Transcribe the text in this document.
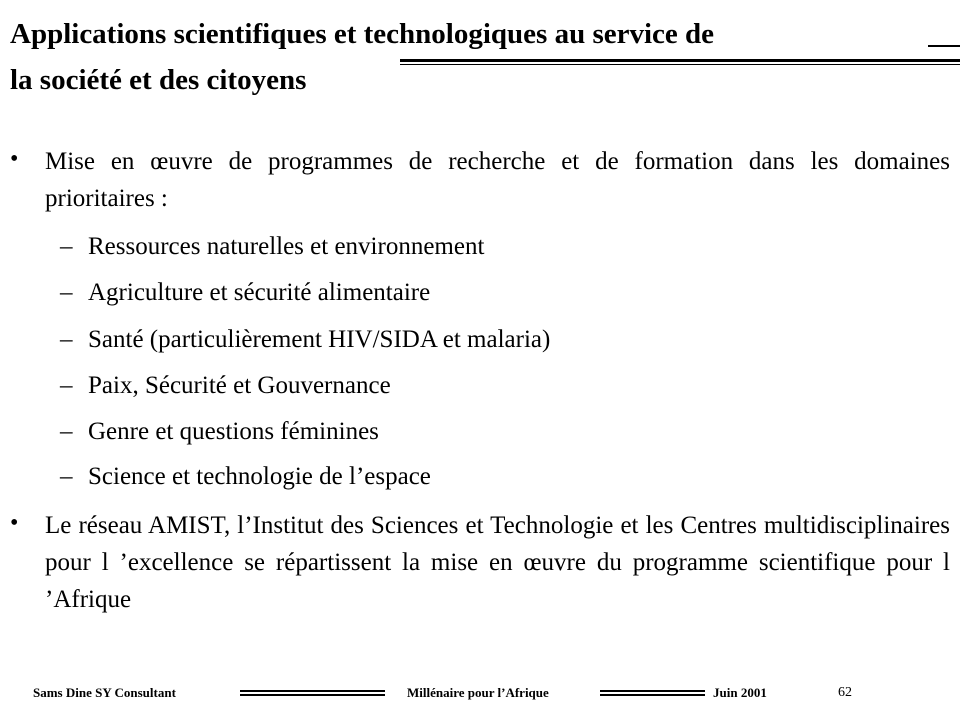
Applications scientifiques et technologiques au service de
la société et des citoyens
• Mise en œuvre de programmes de recherche et de formation dans les domaines prioritaires :
– Ressources naturelles et environnement
– Agriculture et sécurité alimentaire
– Santé (particulièrement HIV/SIDA et malaria)
– Paix, Sécurité et Gouvernance
– Genre et questions féminines
– Science et technologie de l’espace
• Le réseau AMIST, l’Institut des Sciences et Technologie et les Centres multidisciplinaires pour l ’excellence se répartissent la mise en œuvre du programme scientifique pour l ’Afrique
Sams Dine SY Consultant	Millénaire pour l’Afrique	Juin 2001	62
